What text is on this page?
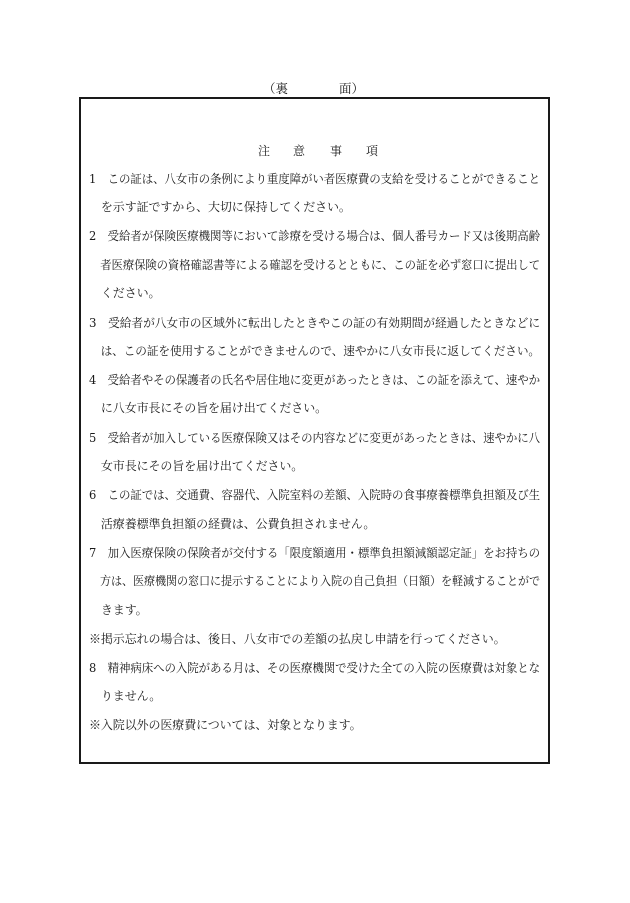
（裏	面）
注 意 事 項
1　この証は、八女市の条例により重度障がい者医療費の支給を受けることができること
　を示す証ですから、大切に保持してください。
2　受給者が保険医療機関等において診療を受ける場合は、個人番号カード又は後期高齢
　者医療保険の資格確認書等による確認を受けるとともに、この証を必ず窓口に提出して
　ください。
3　受給者が八女市の区域外に転出したときやこの証の有効期間が経過したときなどに
　は、この証を使用することができませんので、速やかに八女市長に返してください。
4　受給者やその保護者の氏名や居住地に変更があったときは、この証を添えて、速やか
　に八女市長にその旨を届け出てください。
5　受給者が加入している医療保険又はその内容などに変更があったときは、速やかに八
　女市長にその旨を届け出てください。
6　この証では、交通費、容器代、入院室料の差額、入院時の食事療養標準負担額及び生
　活療養標準負担額の経費は、公費負担されません。
7　加入医療保険の保険者が交付する「限度額適用・標準負担額減額認定証」をお持ちの
　方は、医療機関の窓口に提示することにより入院の自己負担（日額）を軽減することがで
　きます。
※掲示忘れの場合は、後日、八女市での差額の払戻し申請を行ってください。
8　精神病床への入院がある月は、その医療機関で受けた全ての入院の医療費は対象とな
　りません。
※入院以外の医療費については、対象となります。
